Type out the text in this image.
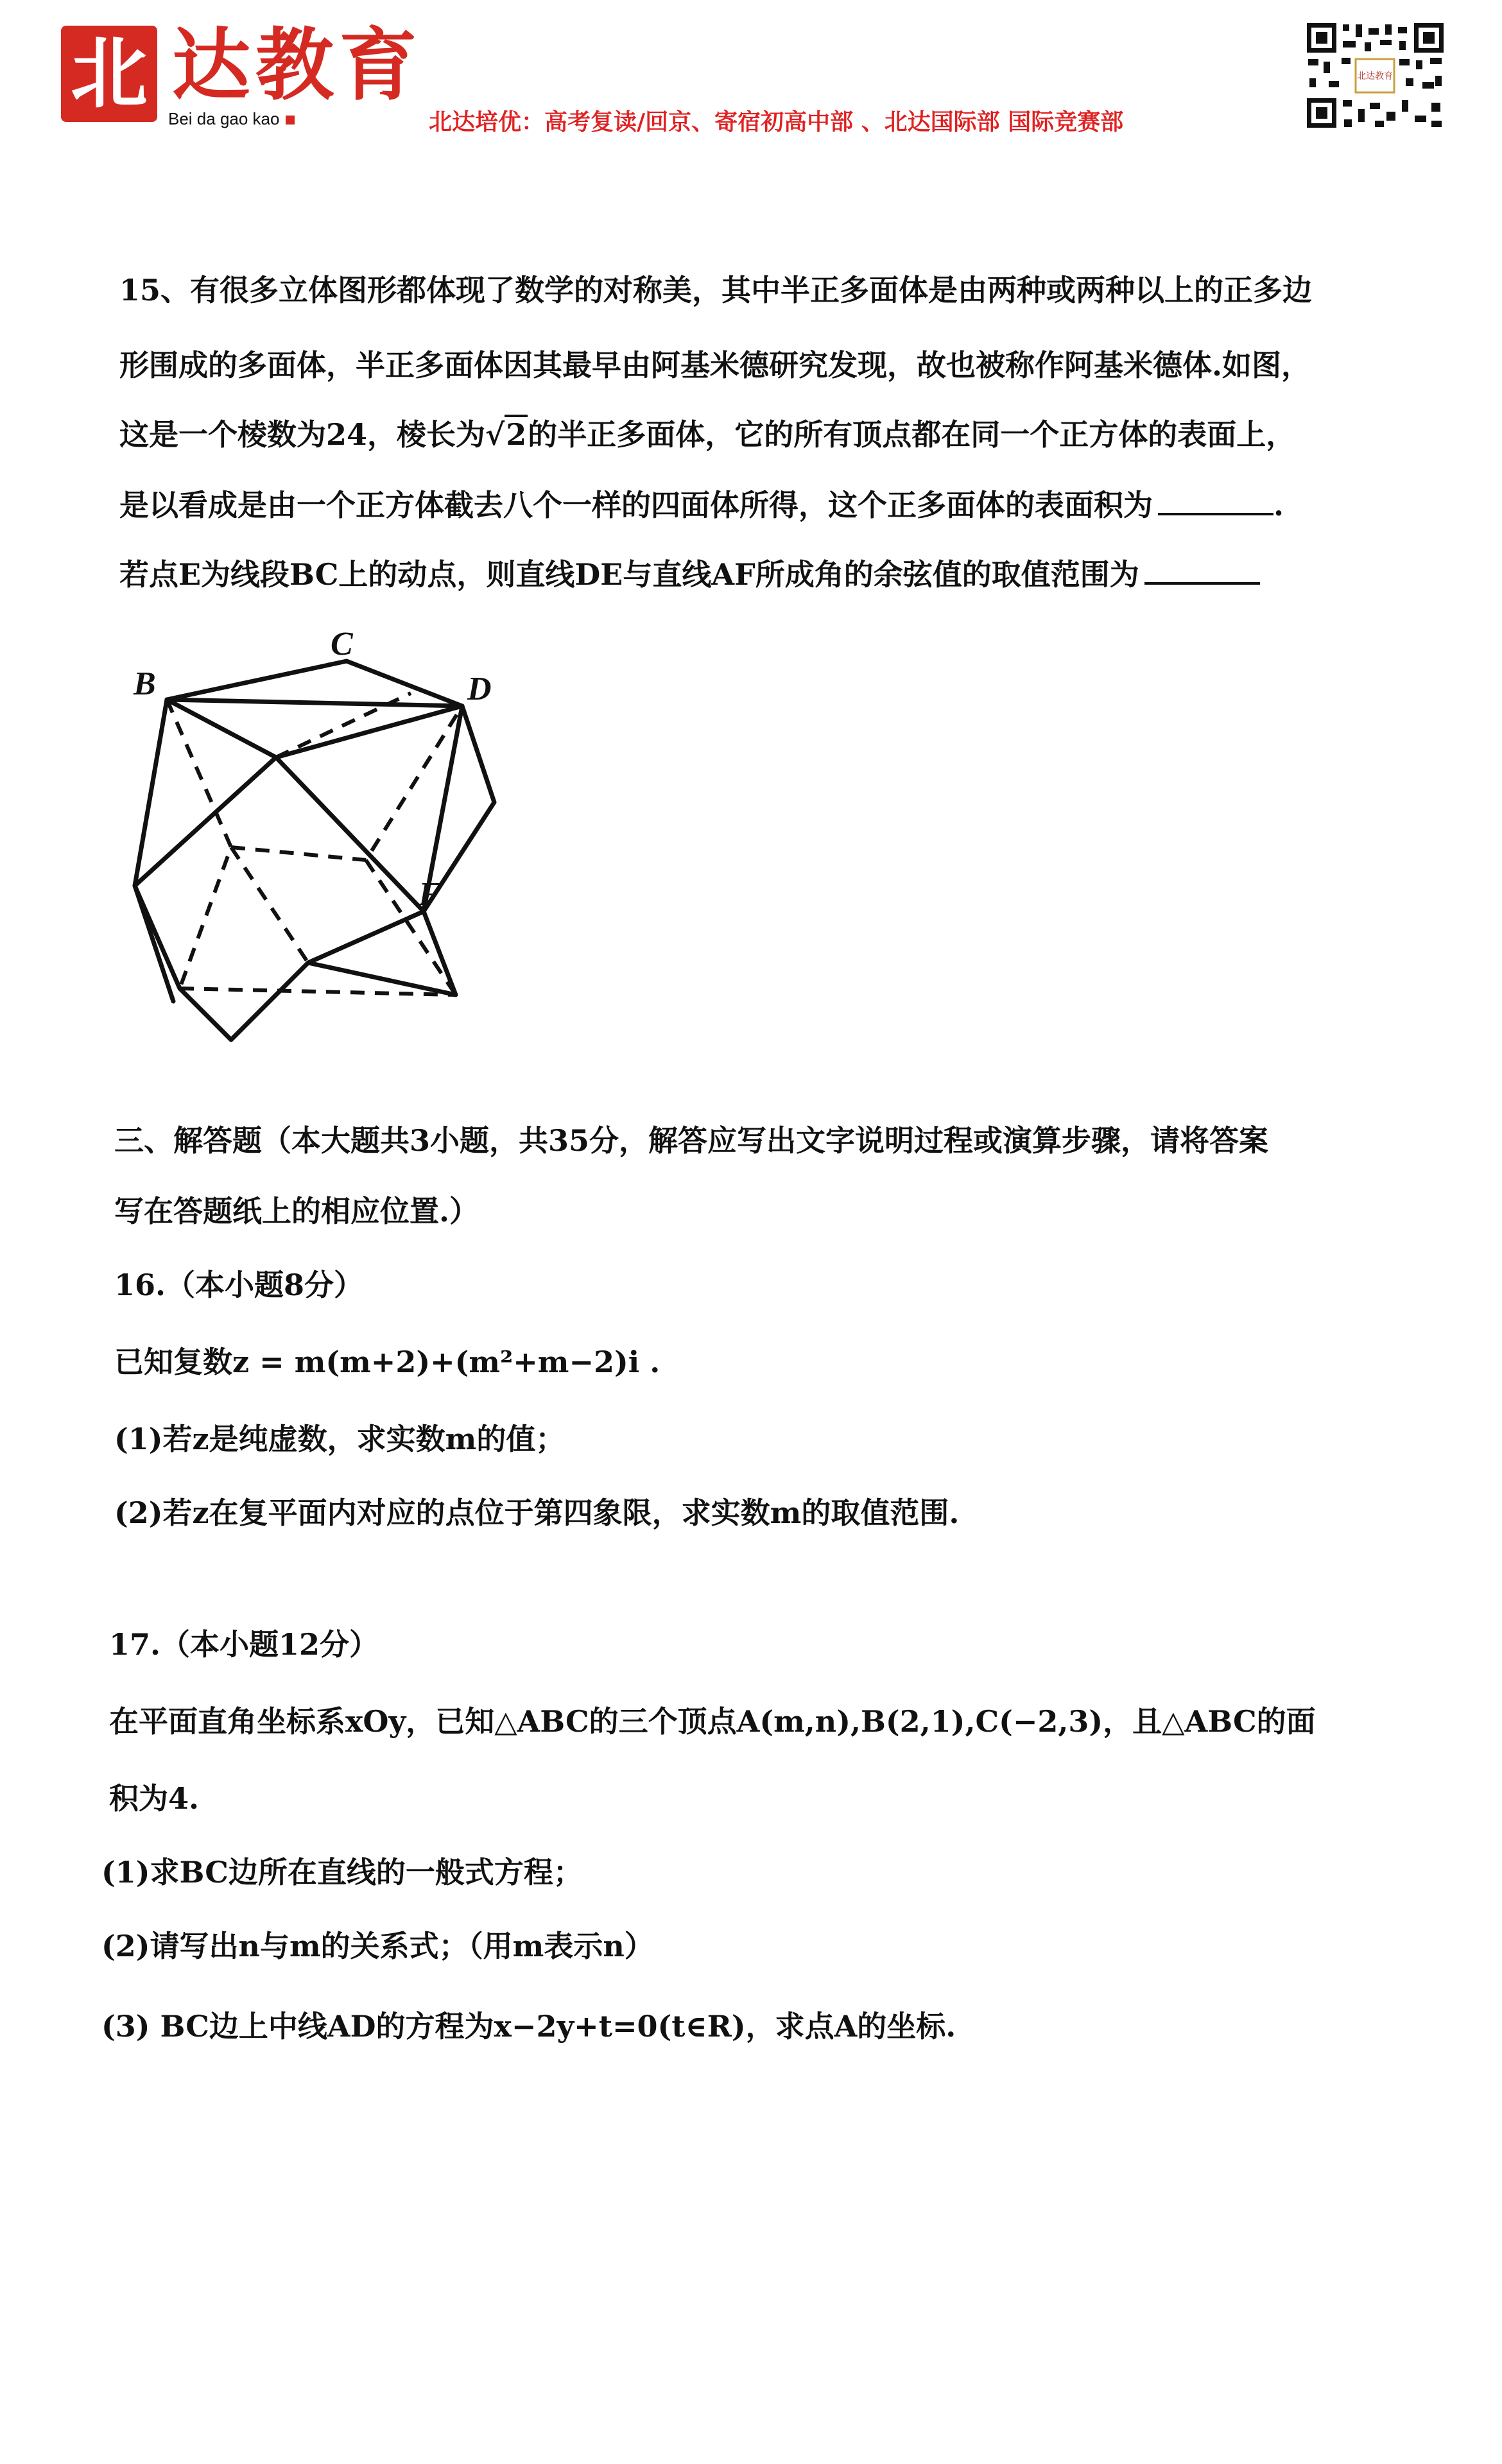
北 达教育
Bei da gao kao	北达培优：高考复读/回京、寄宿初高中部 、北达国际部 国际竞赛部
北达教育
15、有很多立体图形都体现了数学的对称美，其中半正多面体是由两种或两种以上的正多边
形围成的多面体，半正多面体因其最早由阿基米德研究发现，故也被称作阿基米德体.如图，
这是一个棱数为24，棱长为√2的半正多面体，它的所有顶点都在同一个正方体的表面上，
是以看成是由一个正方体截去八个一样的四面体所得，这个正多面体的表面积为	.
若点E为线段BC上的动点，则直线DE与直线AF所成角的余弦值的取值范围为
B
C
D
F
三、解答题（本大题共3小题，共35分，解答应写出文字说明过程或演算步骤，请将答案
写在答题纸上的相应位置.）
16.（本小题8分）
已知复数z = m(m+2)+(m²+m−2)i .
(1)若z是纯虚数，求实数m的值；
(2)若z在复平面内对应的点位于第四象限，求实数m的取值范围.
17.（本小题12分）
在平面直角坐标系xOy，已知△ABC的三个顶点A(m,n),B(2,1),C(−2,3)，且△ABC的面
积为4.
(1)求BC边所在直线的一般式方程；
(2)请写出n与m的关系式；（用m表示n）
(3) BC边上中线AD的方程为x−2y+t=0(t∈R)，求点A的坐标.
